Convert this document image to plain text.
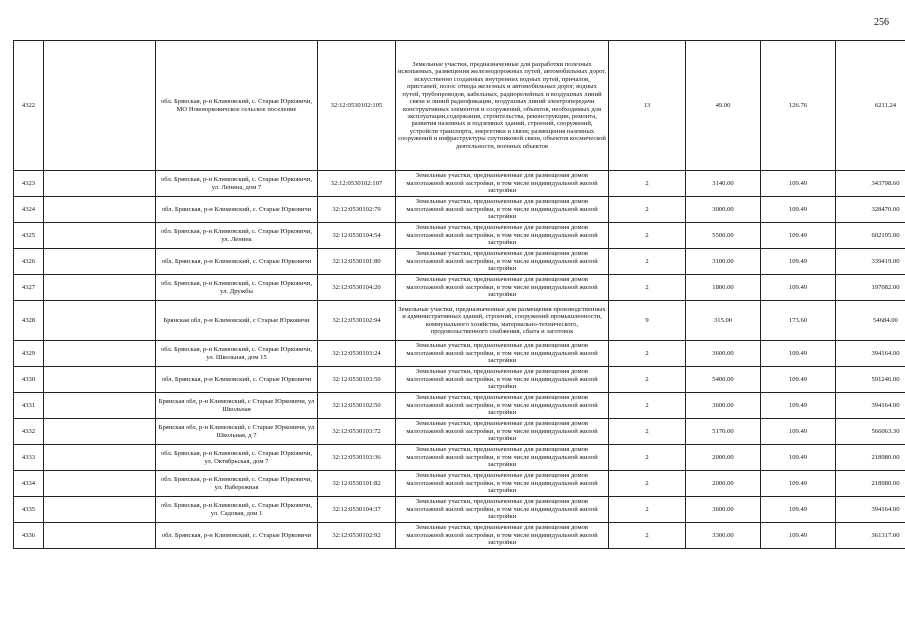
256
4322		обл. Брянская, р-н Климовский, с. Старые Юрковичи, МО Новоюрковичское сельское поселение	32:12:0530102:105	Земельные участки, предназначенные для разработки полезных ископаемых, размещения железнодорожных путей, автомобильных дорог, искусственно созданных внутренних водных путей, причалов, пристаней, полос отвода железных и автомобильных дорог, водных путей, трубопроводов, кабельных, радиорелейных и воздушных линий связи и линий радиофикации, воздушных линий электропередачи конструктивных элементов и сооружений, объектов, необходимых для эксплуатации,содержания, строительства, реконструкции, ремонта, развития наземных и подземных зданий, строений, сооружений, устройств транспорта, энергетики и связи; размещения наземных сооружений и инфраструктуры спутниковой связи, объектов космической деятельности, военных объектов	13	49.00	126.76	6211.24
4323		обл. Брянская, р-н Климовский, с. Старые Юрковичи, ул. Ленина, дом 7	32:12:0530102:107	Земельные участки, предназначенные для размещения домов малоэтажной жилой застройки, в том числе индивидуальной жилой застройки	2	3140.00	109.49	343798.60
4324		обл. Брянская, р-н Климовский, с. Старые Юрковичи	32:12:0530102:79	Земельные участки, предназначенные для размещения домов малоэтажной жилой застройки, в том числе индивидуальной жилой застройки	2	3000.00	109.49	328470.00
4325		обл. Брянская, р-н Климовский, с. Старые Юрковичи, ул. Ленина	32:12:0530104:54	Земельные участки, предназначенные для размещения домов малоэтажной жилой застройки, в том числе индивидуальной жилой застройки	2	5500.00	109.49	602195.00
4326		обл. Брянская, р-н Климовский, с. Старые Юрковичи	32:12:0530101:80	Земельные участки, предназначенные для размещения домов малоэтажной жилой застройки, в том числе индивидуальной жилой застройки	2	3100.00	109.49	339419.00
4327		обл. Брянская, р-н Климовский, с. Старые Юрковичи, ул. Дружбы	32:12:0530104:20	Земельные участки, предназначенные для размещения домов малоэтажной жилой застройки, в том числе индивидуальной жилой застройки	2	1800.00	109.49	197082.00
4328		Брянская обл, р-н Климовский, с Старые Юрковичи	32:12:0530102:94	Земельные участки, предназначенные для размещения производственных и административных зданий, строений, сооружений промышленности, коммунального хозяйства, материально-технического, продовольственного снабжения, сбыта и заготовок	9	315.00	173.60	54684.00
4329		обл. Брянская, р-н Климовский, с. Старые Юрковичи, ул. Школьная, дом 15	32:12:0530103:24	Земельные участки, предназначенные для размещения домов малоэтажной жилой застройки, в том числе индивидуальной жилой застройки	2	3600.00	109.49	394164.00
4330		обл. Брянская, р-н Климовский, с. Старые Юрковичи	32:12:0530103:50	Земельные участки, предназначенные для размещения домов малоэтажной жилой застройки, в том числе индивидуальной жилой застройки	2	5400.00	109.49	591246.00
4331		Брянская обл, р-н Климовский, с Старые Юрковичи, ул Школьная	32:12:0530102:50	Земельные участки, предназначенные для размещения домов малоэтажной жилой застройки, в том числе индивидуальной жилой застройки	2	3600.00	109.49	394164.00
4332		Брянская обл, р-н Климовский, с Старые Юрковичи, ул Школьная, д 7	32:12:0530103:72	Земельные участки, предназначенные для размещения домов малоэтажной жилой застройки, в том числе индивидуальной жилой застройки	2	5170.00	109.49	566063.30
4333		обл. Брянская, р-н Климовский, с. Старые Юрковичи, ул. Октябрьская, дом 7	32:12:0530103:36	Земельные участки, предназначенные для размещения домов малоэтажной жилой застройки, в том числе индивидуальной жилой застройки	2	2000.00	109.49	218980.00
4334		обл. Брянская, р-н Климовский, с. Старые Юрковичи, ул. Набережная	32:12:0530101:82	Земельные участки, предназначенные для размещения домов малоэтажной жилой застройки, в том числе индивидуальной жилой застройки	2	2000.00	109.49	218980.00
4335		обл. Брянская, р-н Климовский, с. Старые Юрковичи, ул. Садовая, дом 1	32:12:0530104:37	Земельные участки, предназначенные для размещения домов малоэтажной жилой застройки, в том числе индивидуальной жилой застройки	2	3600.00	109.49	394164.00
4336		обл. Брянская, р-н Климовский, с. Старые Юрковичи	32:12:0530102:92	Земельные участки, предназначенные для размещения домов малоэтажной жилой застройки, в том числе индивидуальной жилой застройки	2	3300.00	109.49	361317.00
